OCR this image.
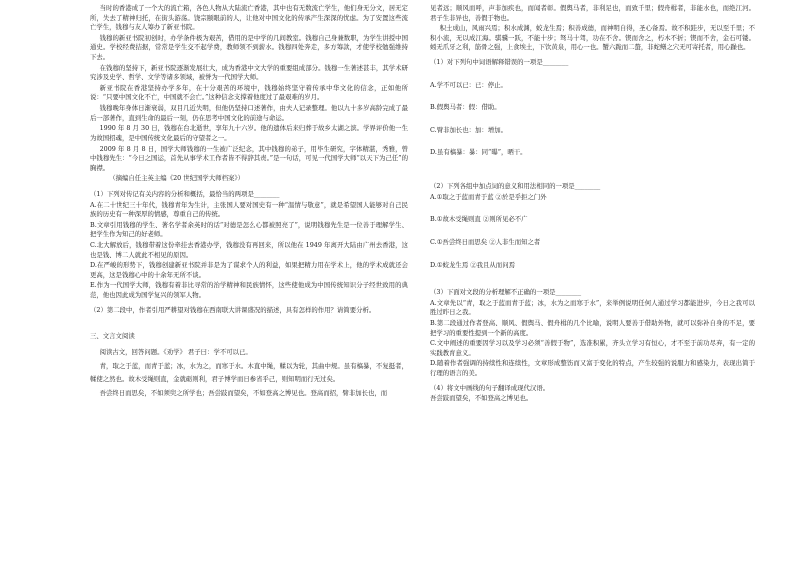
当时的香港成了一个大的流亡箱，各色人物从大陆流亡香港，其中也有无数流亡学生，他们身无分文，居无定所，失去了精神归托，在街头游荡。饶宗颐眼前的人，让他对中国文化的传承产生深深的忧虑。为了安置这些流亡学生，钱穆与友人筹办了新亚书院。

钱穆的新亚书院初创时，办学条件极为艰苦，借用的是中学的几间教室。钱穆自己身兼数职，为学生讲授中国通史。学校经费拮据，常常是学生交不起学费，教师领不到薪水。钱穆四处奔走，多方筹款，才使学校勉强维持下去。

在钱穆的坚持下，新亚书院逐渐发展壮大，成为香港中文大学的重要组成部分。钱穆一生著述甚丰，其学术研究涉及史学、哲学、文学等诸多领域，被誉为一代国学大师。

新亚书院在香港坚持办学多年，在十分艰苦的环境中，钱穆始终坚守着传承中华文化的信念，正如他所说：“只要中国文化不亡，中国就不会亡。”这种信念支撑着他度过了最艰难的岁月。

钱穆晚年身体日渐衰弱，双目几近失明，但他仍坚持口述著作，由夫人记录整理。他以九十多岁高龄完成了最后一部著作，直到生命的最后一刻，仍在思考中国文化的前途与命运。

1990 年 8 月 30 日，钱穆在台北逝世，享年九十六岁。他的遗体后来归葬于故乡太湖之滨。学界评价他一生为故国招魂，是中国传统文化最后的守望者之一。

2009 年 8 月 8 日，国学大师钱穆的一生被广泛纪念，其中钱穆的弟子，用毕生研究，字体精湛，秀雅，曾中钱穆先生：“今日之国运，首先从事学术工作者皆不得辞其责。”是一句话，可见一代国学大师“以天下为己任”的胸襟。

（摘编自任主英主编《20 世纪国学大师档案》）

（1）下列对传记有关内容的分析和概括，最恰当的两项是________

A.在二十世纪三十年代，钱穆青年为生计，主张国人要对国史有一种“温情与敬意”，就是希望国人能够对自己民族的历史有一种深厚的情感，尊重自己的传统。

B.文章引用钱穆的学生、著名学者余英时的话“对德是怎么心都被照亮了”，说明钱穆先生是一位善于理解学生、把学生作为知己的好老师。

C.北大解放后，钱穆带着这份牵挂去香港办学，钱穆没有再回来，所以他在 1949 年离开大陆由广州去香港，这也是钱、博二人就此不相见的原因。

D.在严峻的形势下，钱穆创建新亚书院并非是为了谋求个人的利益，如果把精力用在学术上，他的学术成就还会更高，这是钱穆心中的十余年无所不谈。

E.作为一代国学大师，钱穆有着非比寻常的治学精神和民族情怀，这些使他成为中国传统知识分子经世致用的典范，他也因此成为国学复兴的领军人物。

（2）第二段中，作者引用严耕望对钱穆在西南联大讲课盛况的描述，具有怎样的作用？请简要分析。

三、文言文阅读

阅读古文，回答问题。《劝学》 君子曰：学不可以已。

青，取之于蓝，而青于蓝；冰，水为之，而寒于水。木直中绳，輮以为轮，其曲中规。虽有槁暴，不复挺者，輮使之然也。故木受绳则直，金就砺则利，君子博学而日参省乎己，则知明而行无过矣。

吾尝终日而思矣，不如须臾之所学也；吾尝跂而望矣，不如登高之博见也。登高而招，臂非加长也，而

见者远；顺风而呼，声非加疾也，而闻者彰。假舆马者，非利足也，而致千里；假舟楫者，非能水也，而绝江河。君子生非异也，善假于物也。

积土成山，风雨兴焉；积水成渊，蛟龙生焉；积善成德，而神明自得，圣心备焉。故不积跬步，无以至千里；不积小流，无以成江海。骐骥一跃，不能十步；驽马十驾，功在不舍。锲而舍之，朽木不折；锲而不舍，金石可镂。蚓无爪牙之利，筋骨之强，上食埃土，下饮黄泉，用心一也。蟹六跪而二螯，非蛇鳝之穴无可寄托者，用心躁也。

（1）对下列句中词语解释错误的一项是________

A.学不可以已：已：停止。

B.假舆马者：假：借助。

C.臂非加长也：加：增加。

D.虽有槁暴：暴：同“曝”，晒干。

（2）下列各组中加点词的意义和用法相同的一项是________

A.①取之于蓝而青于蓝 ②於是乎拒之门外

B.①故木受绳则直 ②则所见必不广

C.①吾尝终日而思矣 ②人非生而知之者

D.①蛟龙生焉 ②我且从而问焉

（3）下面对文段的分析理解不正确的一项是________

A.文章先以“青，取之于蓝而青于蓝；冰，水为之而寒于水”，来举例说明任何人通过学习都能进步，今日之我可以胜过昨日之我。

B.第二段通过作者登高、顺风、假舆马、假舟楫的几个比喻，说明人要善于借助外物，就可以弥补自身的不足，要把学习的重要性提到一个新的高度。

C.文中阐述的重要因学习以及学习必须“善假于物”，选准积累，齐头立学习有恒心，才不至于前功尽弃，有一定的实践教育意义。

D.随着作者强调的持续性和连续性，文章形成整饬而又富于变化的特点，产生较强的说服力和感染力，表现出简于行理的语言的美。

（4）将文中画线的句子翻译成现代汉语。

吾尝跂而望矣，不如登高之博见也。
